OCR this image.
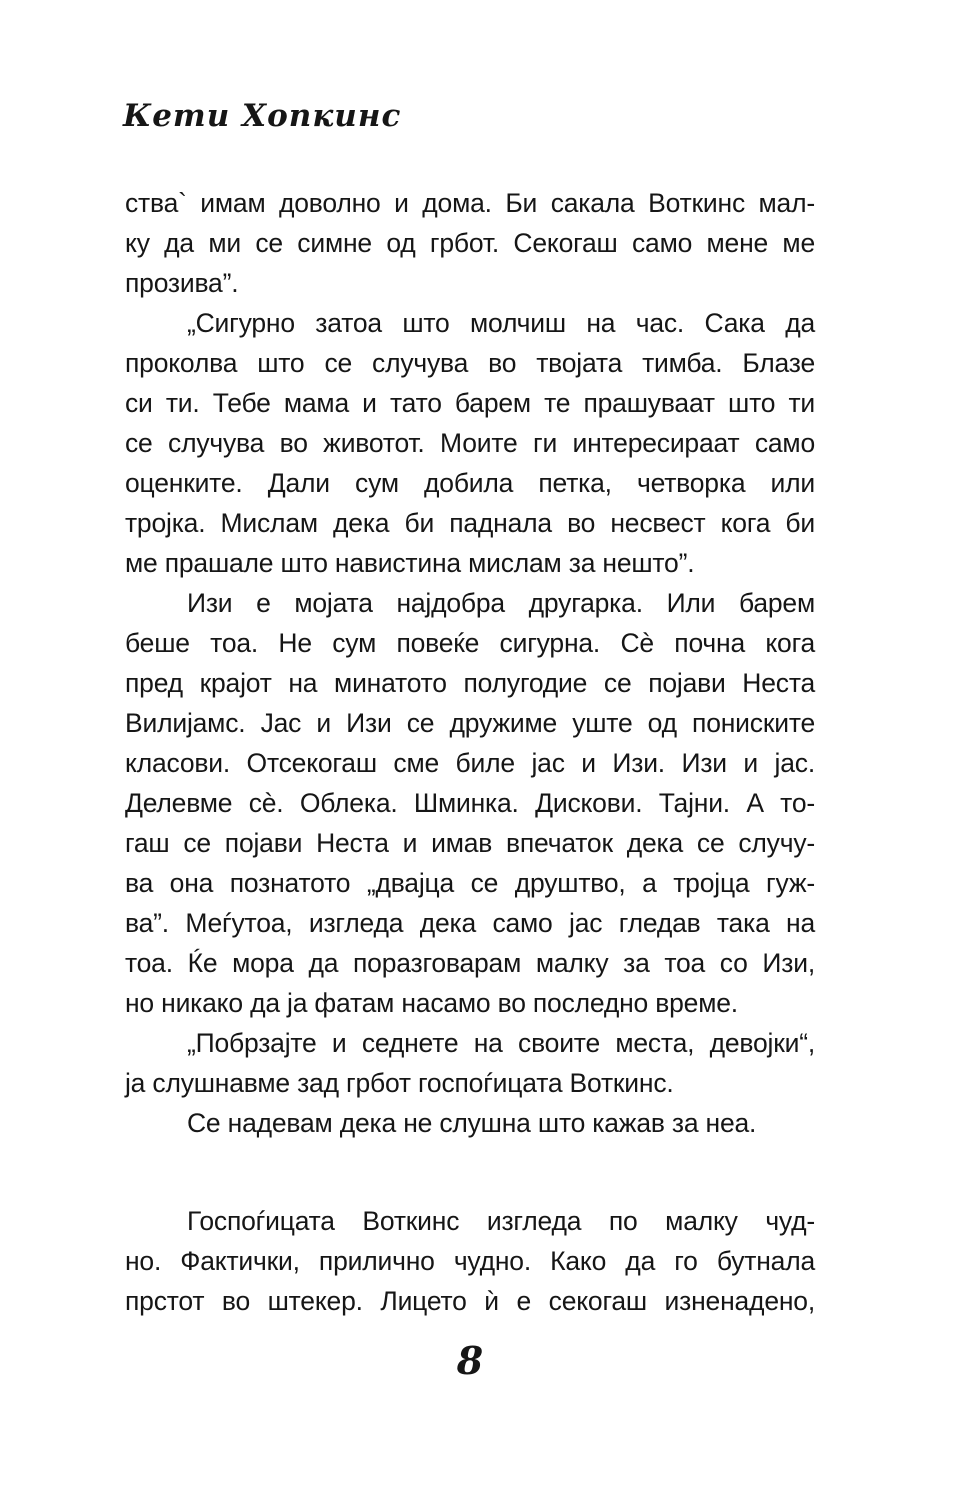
Кети Хопкинс
ства` имам доволно и дома. Би сакала Воткинс мал-
ку да ми се симне од грбот. Секогаш само мене ме
прозива”.
„Сигурно затоа што молчиш на час. Сака да
проколва што се случува во твојата тимба. Блазе
си ти. Тебе мама и тато барем те прашуваат што ти
се случува во животот. Моите ги интересираат само
оценките. Дали сум добила петка, четворка или
тројка. Мислам дека би паднала во несвест кога би
ме прашале што навистина мислам за нешто”.
Изи е мојата најдобра другарка. Или барем
беше тоа. Не сум повеќе сигурна. Сѐ почна кога
пред крајот на минатото полугодие се појави Неста
Вилијамс. Јас и Изи се дружиме уште од пониските
класови. Отсекогаш сме биле јас и Изи. Изи и јас.
Делевме сѐ. Облека. Шминка. Дискови. Тајни. А то-
гаш се појави Неста и имав впечаток дека се случу-
ва она познатото „двајца се друштво, а тројца гуж-
ва”. Меѓутоа, изгледа дека само јас гледав така на
тоа. Ќе мора да поразговарам малку за тоа со Изи,
но никако да ја фатам насамо во последно време.
„Побрзајте и седнете на своите места, девојки“,
ја слушнавме зад грбот госпоѓицата Воткинс.
Се надевам дека не слушна што кажав за неа.
Госпоѓицата Воткинс изгледа по малку чуд-
но. Фактички, прилично чудно. Како да го бутнала
прстот во штекер. Лицето ѝ е секогаш изненадено,
8
